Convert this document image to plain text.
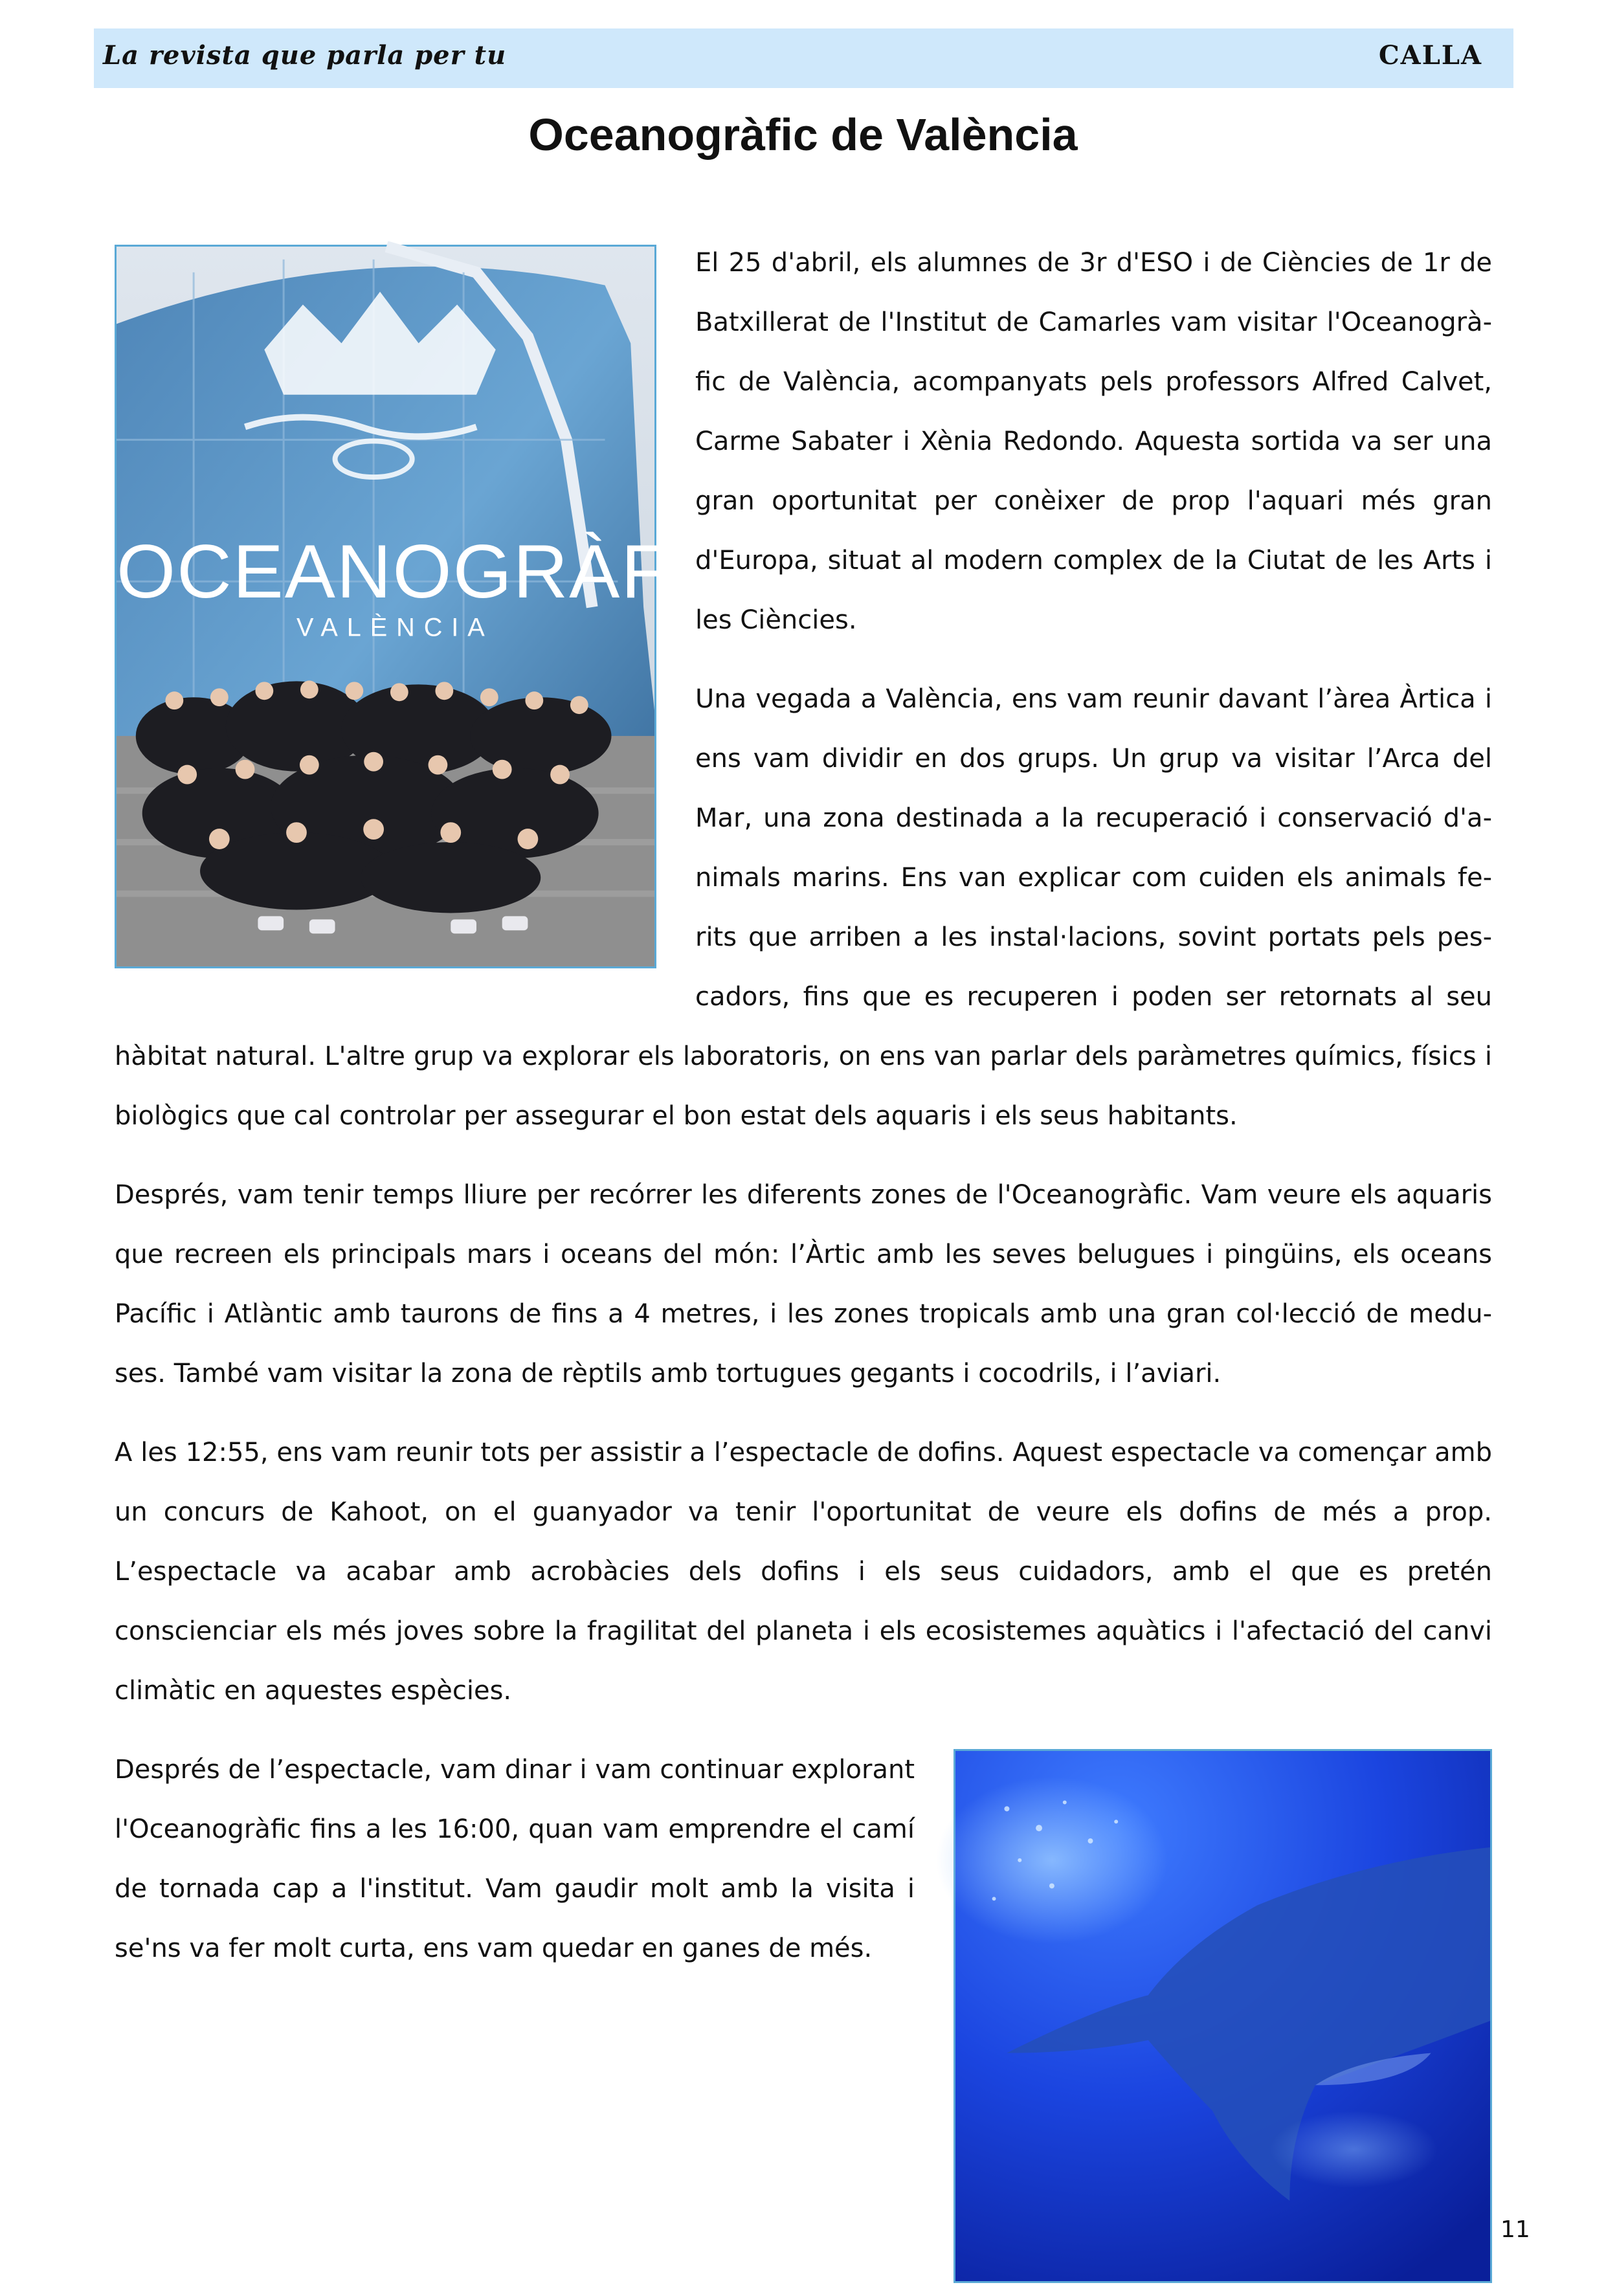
La revista que parla per tu	CALLA
Oceanogràfic de València
OCEANOGRÀFIC
VALÈNCIA

El 25 d'abril, els alumnes de 3r d'ESO i de Ciències de 1r de Batxillerat de l'Institut de Camarles vam visitar l'Oceanogràfic de València, acompanyats pels professors Alfred Calvet, Carme Sabater i Xènia Redondo. Aquesta sortida va ser una gran oportunitat per conèixer de prop l'aquari més gran d'Europa, situat al modern complex de la Ciutat de les Arts i les Ciències.

Una vegada a València, ens vam reunir davant l’àrea Àrtica i ens vam dividir en dos grups. Un grup va visitar l’Arca del Mar, una zona destinada a la recuperació i conservació d'animals marins. Ens van explicar com cuiden els animals ferits que arriben a les instal·lacions, sovint portats pels pescadors, fins que es recuperen i poden ser retornats al seu hàbitat natural. L'altre grup va explorar els laboratoris, on ens van parlar dels paràmetres químics, físics i biològics que cal controlar per assegurar el bon estat dels aquaris i els seus habitants.

Després, vam tenir temps lliure per recórrer les diferents zones de l'Oceanogràfic. Vam veure els aquaris que recreen els principals mars i oceans del món: l’Àrtic amb les seves belugues i pingüins, els oceans Pacífic i Atlàntic amb taurons de fins a 4 metres, i les zones tropicals amb una gran col·lecció de meduses. També vam visitar la zona de rèptils amb tortugues gegants i cocodrils, i l’aviari.

A les 12:55, ens vam reunir tots per assistir a l’espectacle de dofins. Aquest espectacle va començar amb un concurs de Kahoot, on el guanyador va tenir l'oportunitat de veure els dofins de més a prop. L’espectacle va acabar amb acrobàcies dels dofins i els seus cuidadors, amb el que es pretén conscienciar els més joves sobre la fragilitat del planeta i els ecosistemes aquàtics i l'afectació del canvi climàtic en aquestes espècies.

Després de l’espectacle, vam dinar i vam continuar explorant l'Oceanogràfic fins a les 16:00, quan vam emprendre el camí de tornada cap a l'institut. Vam gaudir molt amb la visita i se'ns va fer molt curta, ens vam quedar en ganes de més.

11
